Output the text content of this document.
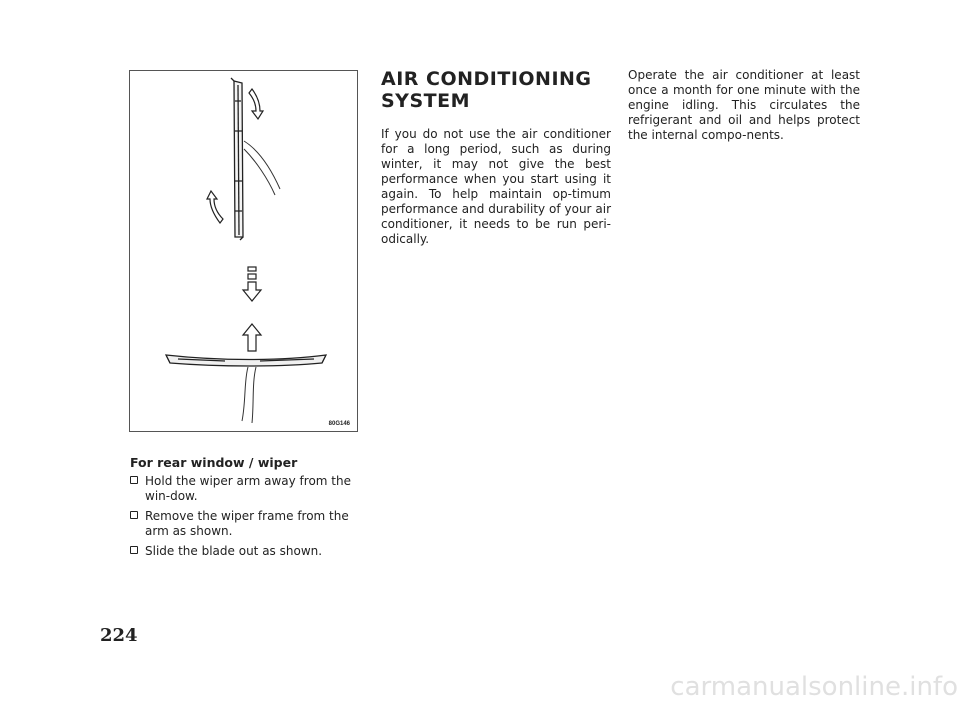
80G146
For rear window / wiper
Hold the wiper arm away from the win-dow.
Remove the wiper frame from the arm as shown.
Slide the blade out as shown.
AIR CONDITIONING SYSTEM

If you do not use the air conditioner for a long period, such as during winter, it may not give the best performance when you start using it again. To help maintain op-timum performance and durability of your air conditioner, it needs to be run peri-odically.

Operate the air conditioner at least once a month for one minute with the engine idling. This circulates the refrigerant and oil and helps protect the internal compo-nents.

224
carmanualsonline.info
